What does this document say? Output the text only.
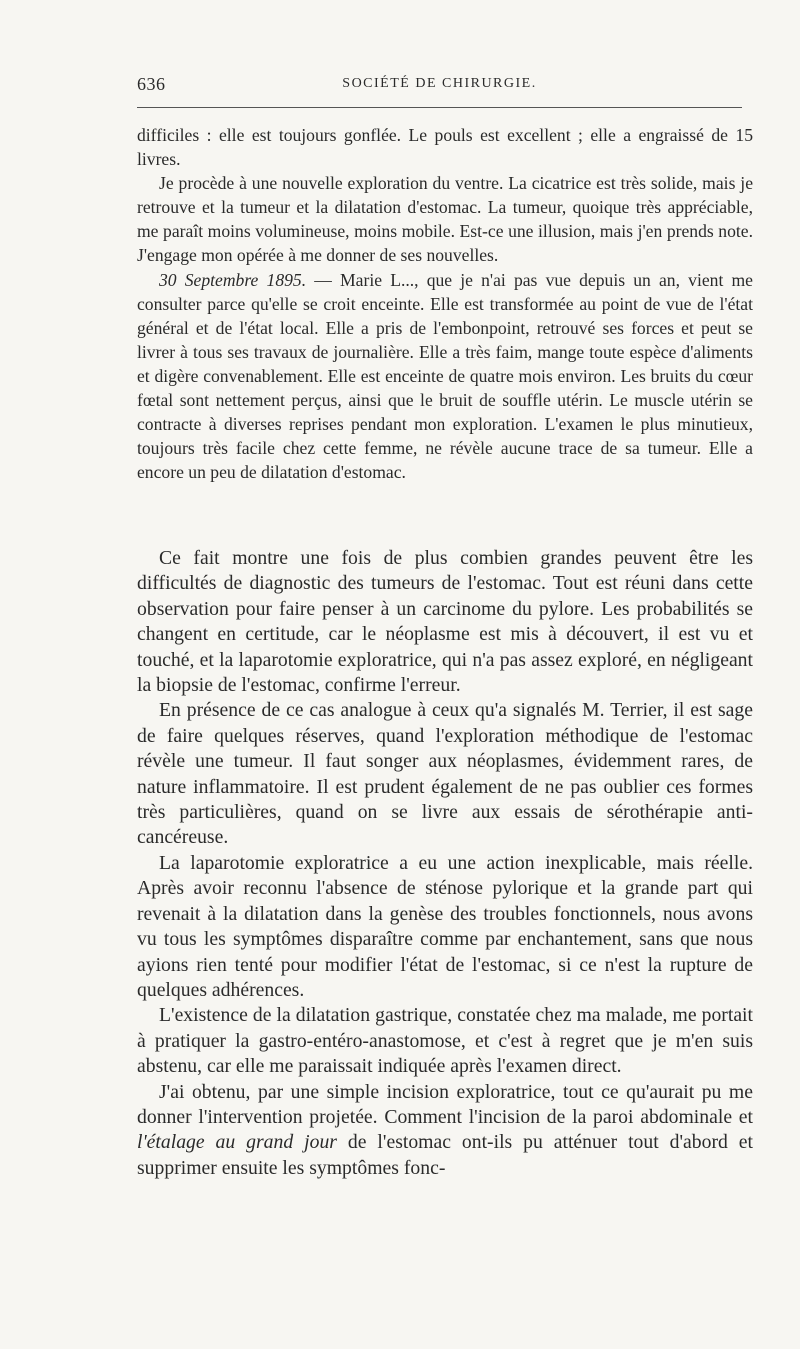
636	SOCIÉTÉ DE CHIRURGIE.

difficiles : elle est toujours gonflée. Le pouls est excellent ; elle a engraissé de 15 livres.

Je procède à une nouvelle exploration du ventre. La cicatrice est très solide, mais je retrouve et la tumeur et la dilatation d'estomac. La tumeur, quoique très appréciable, me paraît moins volumineuse, moins mobile. Est-ce une illusion, mais j'en prends note. J'engage mon opérée à me donner de ses nouvelles.

30 Septembre 1895. — Marie L..., que je n'ai pas vue depuis un an, vient me consulter parce qu'elle se croit enceinte. Elle est transformée au point de vue de l'état général et de l'état local. Elle a pris de l'embonpoint, retrouvé ses forces et peut se livrer à tous ses travaux de journalière. Elle a très faim, mange toute espèce d'aliments et digère convenablement. Elle est enceinte de quatre mois environ. Les bruits du cœur fœtal sont nettement perçus, ainsi que le bruit de souffle utérin. Le muscle utérin se contracte à diverses reprises pendant mon exploration. L'examen le plus minutieux, toujours très facile chez cette femme, ne révèle aucune trace de sa tumeur. Elle a encore un peu de dilatation d'estomac.

Ce fait montre une fois de plus combien grandes peuvent être les difficultés de diagnostic des tumeurs de l'estomac. Tout est réuni dans cette observation pour faire penser à un carcinome du pylore. Les probabilités se changent en certitude, car le néoplasme est mis à découvert, il est vu et touché, et la laparotomie exploratrice, qui n'a pas assez exploré, en négligeant la biopsie de l'estomac, confirme l'erreur.

En présence de ce cas analogue à ceux qu'a signalés M. Terrier, il est sage de faire quelques réserves, quand l'exploration méthodique de l'estomac révèle une tumeur. Il faut songer aux néoplasmes, évidemment rares, de nature inflammatoire. Il est prudent également de ne pas oublier ces formes très particulières, quand on se livre aux essais de sérothérapie anti-cancéreuse.

La laparotomie exploratrice a eu une action inexplicable, mais réelle. Après avoir reconnu l'absence de sténose pylorique et la grande part qui revenait à la dilatation dans la genèse des troubles fonctionnels, nous avons vu tous les symptômes disparaître comme par enchantement, sans que nous ayions rien tenté pour modifier l'état de l'estomac, si ce n'est la rupture de quelques adhérences.

L'existence de la dilatation gastrique, constatée chez ma malade, me portait à pratiquer la gastro-entéro-anastomose, et c'est à regret que je m'en suis abstenu, car elle me paraissait indiquée après l'examen direct.

J'ai obtenu, par une simple incision exploratrice, tout ce qu'aurait pu me donner l'intervention projetée. Comment l'incision de la paroi abdominale et l'étalage au grand jour de l'estomac ont-ils pu atténuer tout d'abord et supprimer ensuite les symptômes fonc-
